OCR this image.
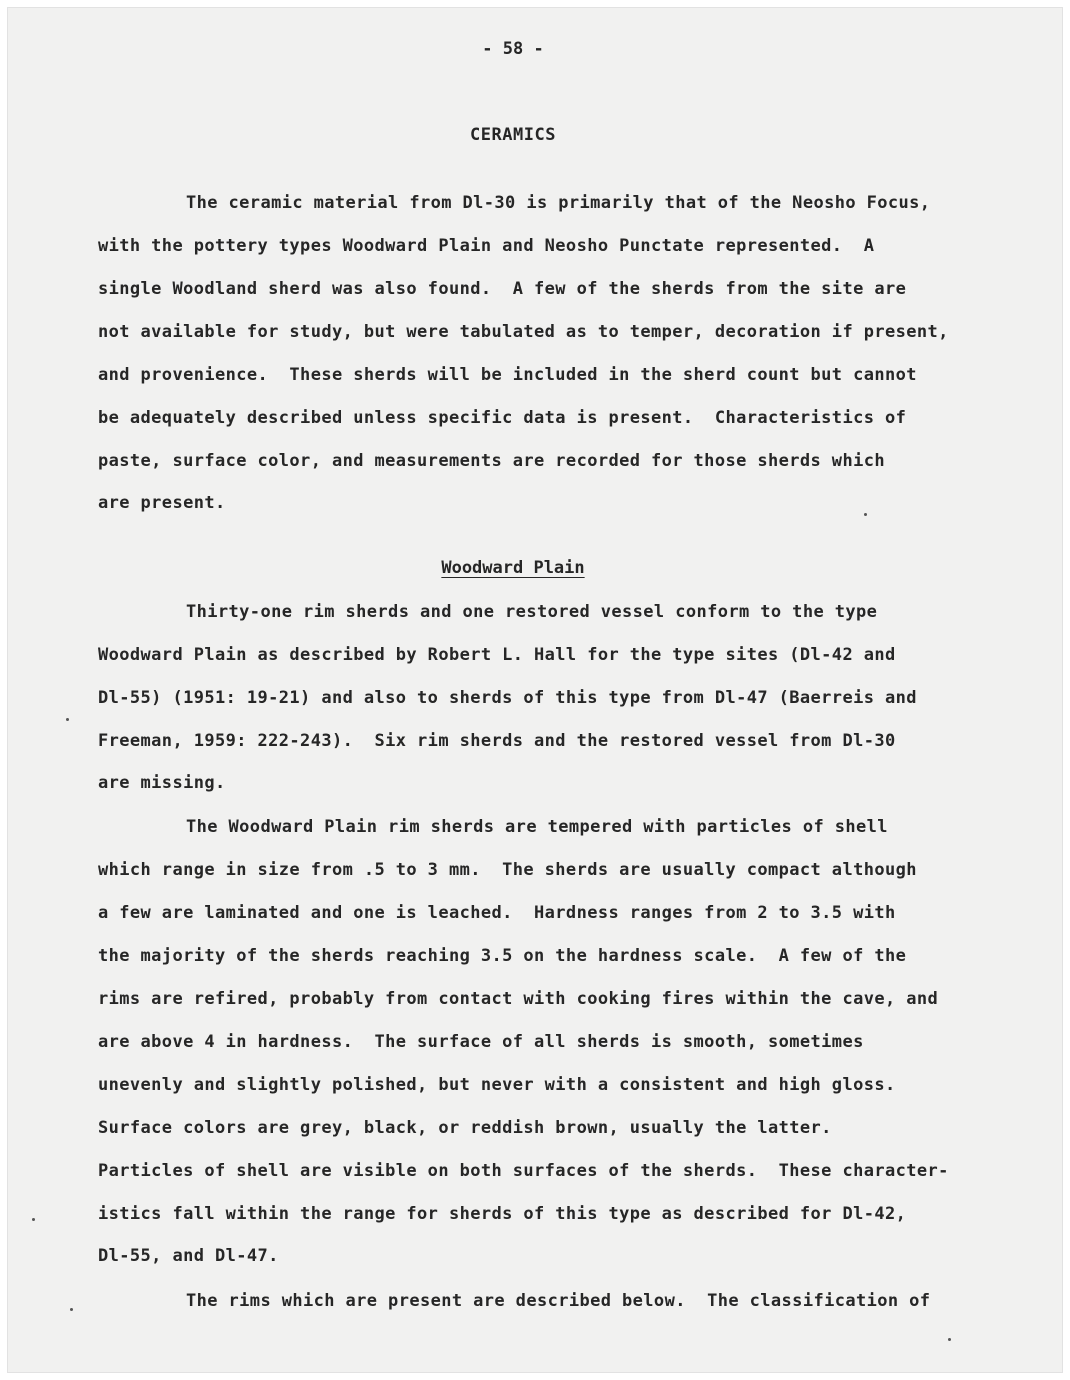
- 58 -
CERAMICS
The ceramic material from Dl-30 is primarily that of the Neosho Focus,
with the pottery types Woodward Plain and Neosho Punctate represented.  A
single Woodland sherd was also found.  A few of the sherds from the site are
not available for study, but were tabulated as to temper, decoration if present,
and provenience.  These sherds will be included in the sherd count but cannot
be adequately described unless specific data is present.  Characteristics of
paste, surface color, and measurements are recorded for those sherds which
are present.
Woodward Plain
Thirty-one rim sherds and one restored vessel conform to the type
Woodward Plain as described by Robert L. Hall for the type sites (Dl-42 and
Dl-55) (1951: 19-21) and also to sherds of this type from Dl-47 (Baerreis and
Freeman, 1959: 222-243).  Six rim sherds and the restored vessel from Dl-30
are missing.
The Woodward Plain rim sherds are tempered with particles of shell
which range in size from .5 to 3 mm.  The sherds are usually compact although
a few are laminated and one is leached.  Hardness ranges from 2 to 3.5 with
the majority of the sherds reaching 3.5 on the hardness scale.  A few of the
rims are refired, probably from contact with cooking fires within the cave, and
are above 4 in hardness.  The surface of all sherds is smooth, sometimes
unevenly and slightly polished, but never with a consistent and high gloss.
Surface colors are grey, black, or reddish brown, usually the latter.
Particles of shell are visible on both surfaces of the sherds.  These character-
istics fall within the range for sherds of this type as described for Dl-42,
Dl-55, and Dl-47.
The rims which are present are described below.  The classification of
